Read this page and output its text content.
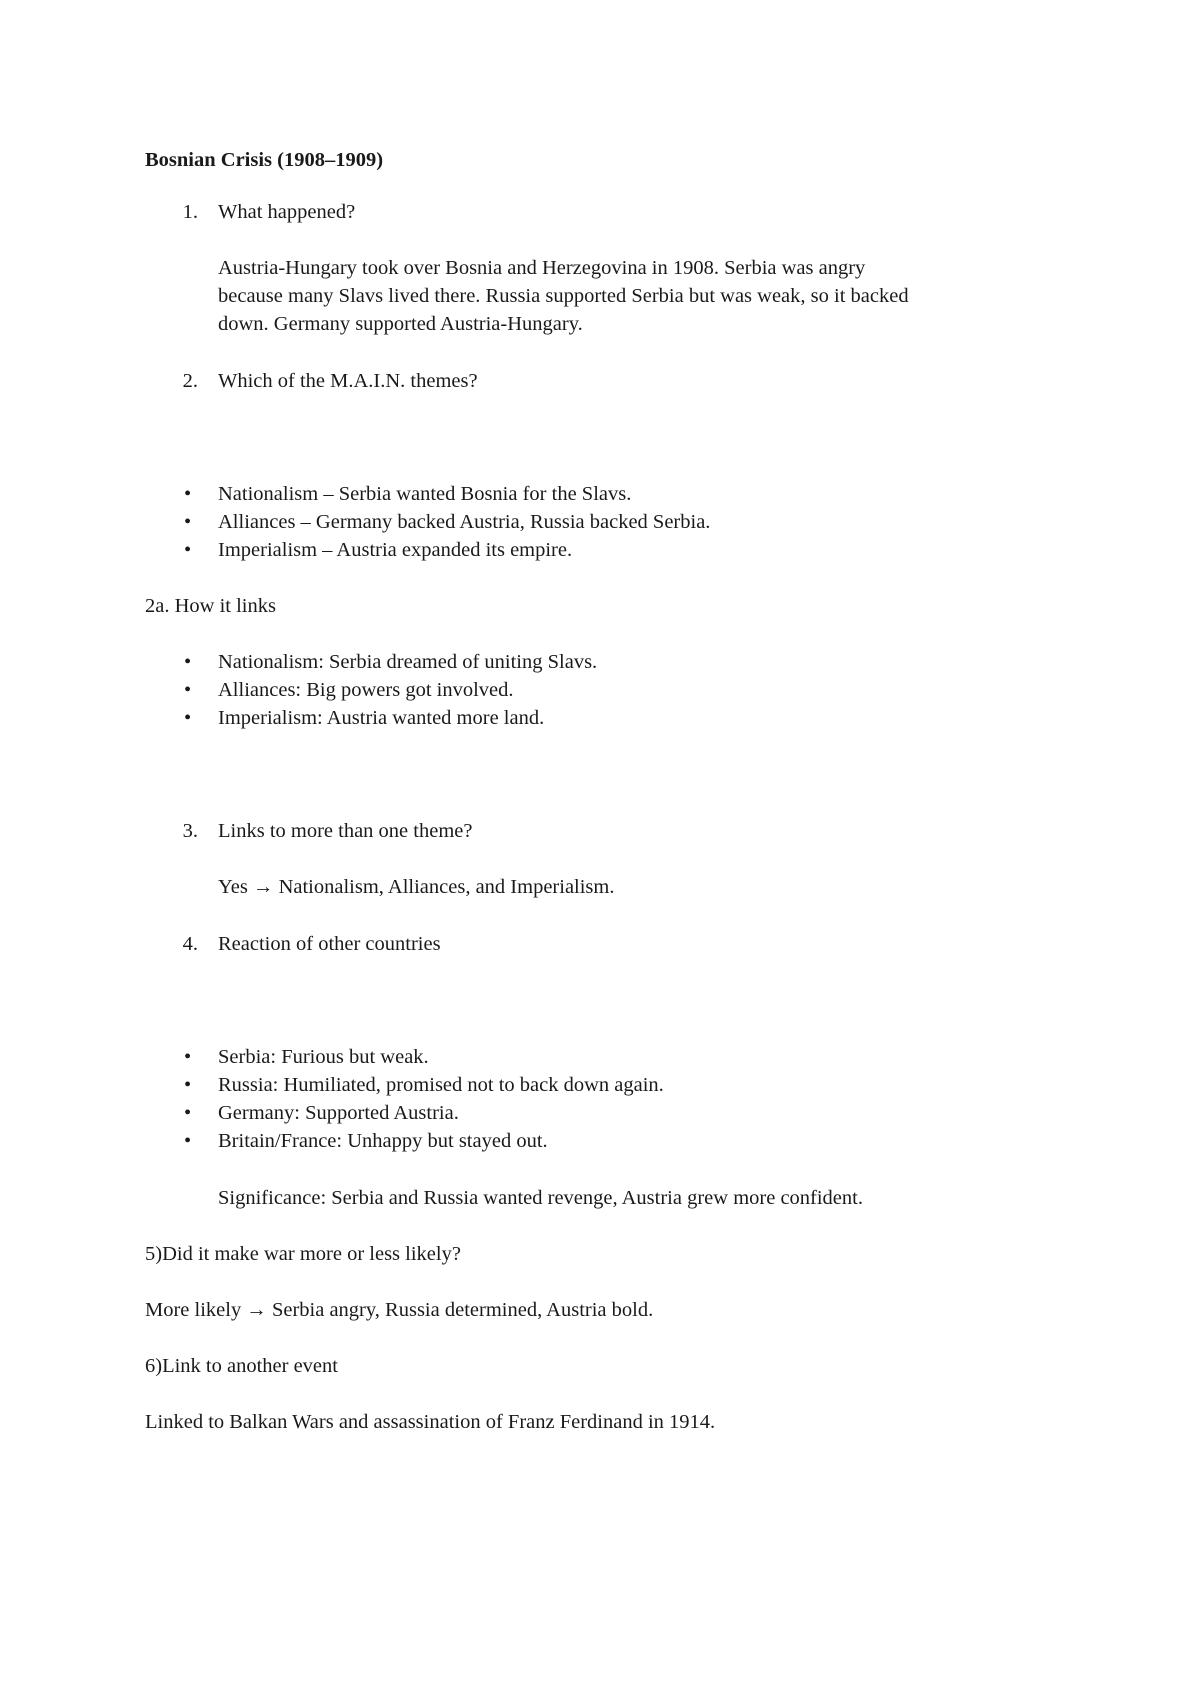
Bosnian Crisis (1908–1909)
1. What happened?
Austria-Hungary took over Bosnia and Herzegovina in 1908. Serbia was angry
because many Slavs lived there. Russia supported Serbia but was weak, so it backed
down. Germany supported Austria-Hungary.
2. Which of the M.A.I.N. themes?
• Nationalism – Serbia wanted Bosnia for the Slavs.
• Alliances – Germany backed Austria, Russia backed Serbia.
• Imperialism – Austria expanded its empire.
2a. How it links
• Nationalism: Serbia dreamed of uniting Slavs.
• Alliances: Big powers got involved.
• Imperialism: Austria wanted more land.
3. Links to more than one theme?
Yes → Nationalism, Alliances, and Imperialism.
4. Reaction of other countries
• Serbia: Furious but weak.
• Russia: Humiliated, promised not to back down again.
• Germany: Supported Austria.
• Britain/France: Unhappy but stayed out.
Significance: Serbia and Russia wanted revenge, Austria grew more confident.
5)Did it make war more or less likely?
More likely → Serbia angry, Russia determined, Austria bold.
6)Link to another event
Linked to Balkan Wars and assassination of Franz Ferdinand in 1914.
